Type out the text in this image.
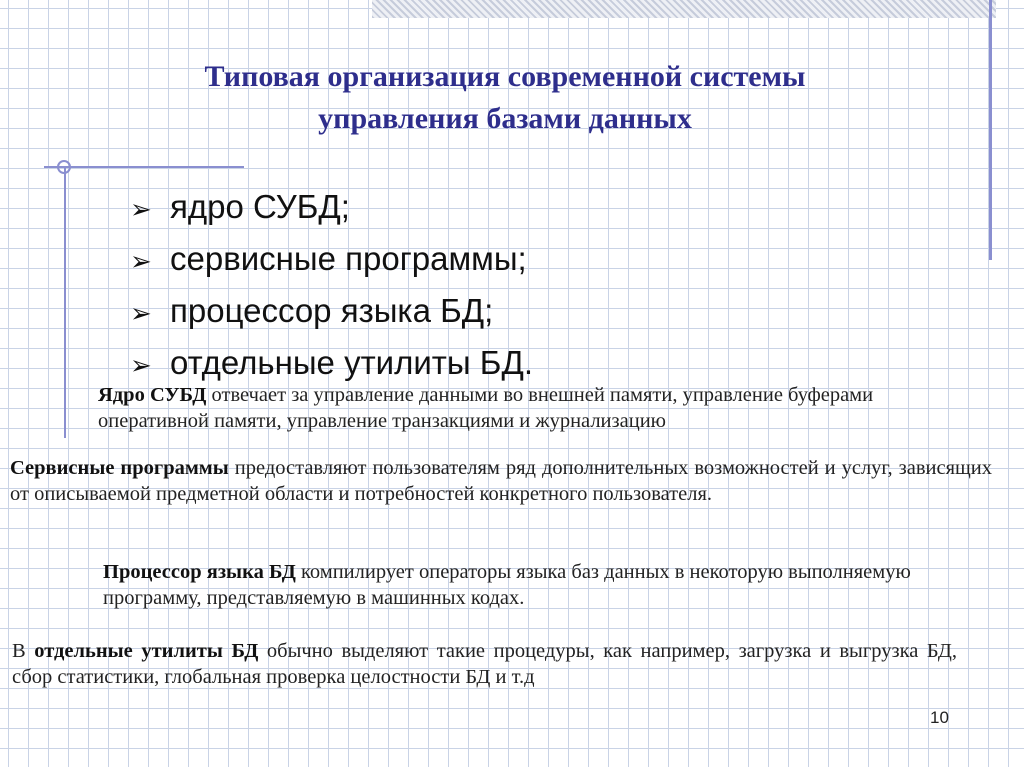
Типовая организация современной системы
управления базами данных
➢ ядро СУБД;
➢ сервисные программы;
➢ процессор языка БД;
➢ отдельные утилиты БД.
Ядро СУБД отвечает за управление данными во внешней памяти, управление буферами оперативной памяти, управление транзакциями и журнализацию
Сервисные программы предоставляют пользователям ряд дополнительных возможностей и услуг, зависящих от описываемой предметной области и потребностей конкретного пользователя.
Процессор языка БД компилирует операторы языка баз данных в некоторую выполняемую программу, представляемую в машинных кодах.
В отдельные утилиты БД обычно выделяют такие процедуры, как например, загрузка и выгрузка БД, сбор статистики, глобальная проверка целостности БД и т.д
10
